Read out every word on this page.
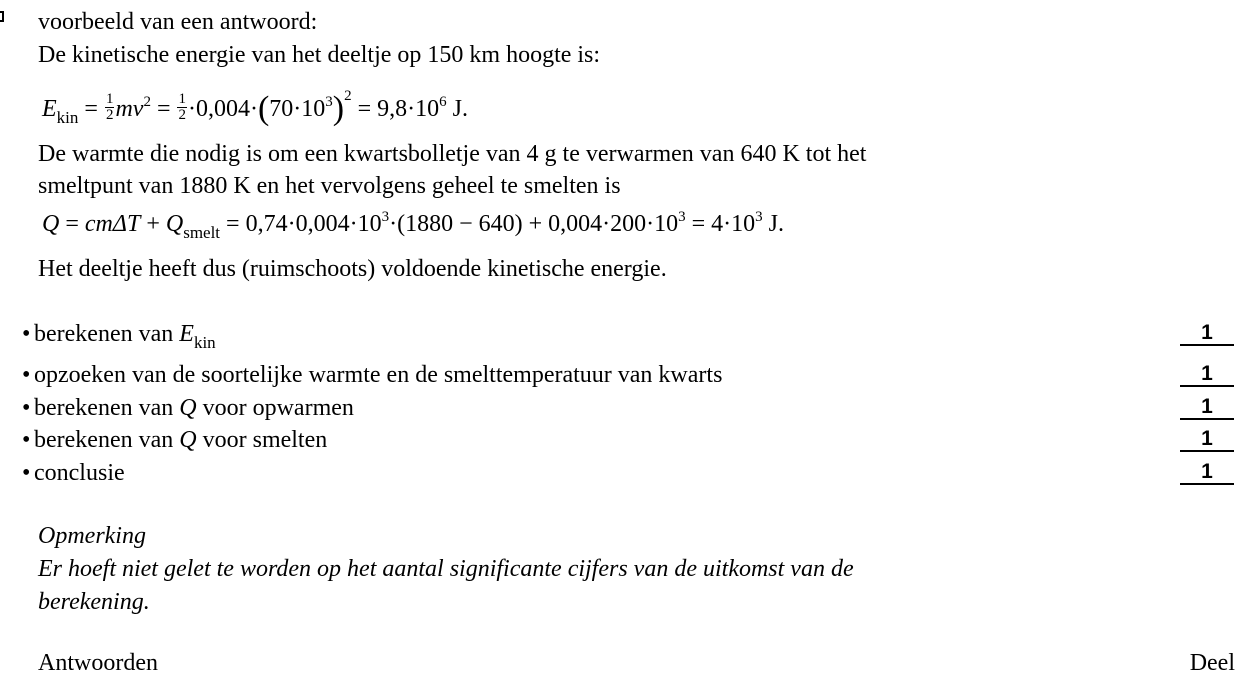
voorbeeld van een antwoord:
De kinetische energie van het deeltje op 150 km hoogte is:
$E_{kin} = \frac{1}{2} mv^2 = \frac{1}{2} \cdot 0,004\cdot(70\cdot 10^3)^2 = 9,8\cdot 10^6$ J.
De warmte die nodig is om een kwartsbolletje van 4 g te verwarmen van 640 K tot het
smeltpunt van 1880 K en het vervolgens geheel te smelten is
$Q = cm\Delta T + Q_{smelt} = 0,74\cdot 0,004\cdot 10^3\cdot(1880 - 640) + 0,004\cdot 200\cdot 10^3 = 4\cdot 10^3$ J.
Het deeltje heeft dus (ruimschoots) voldoende kinetische energie.
• berekenen van $E_{kin}$	1
• opzoeken van de soortelijke warmte en de smelttemperatuur van kwarts	1
• berekenen van Q voor opwarmen	1
• berekenen van Q voor smelten	1
• conclusie	1
Opmerking
Er hoeft niet gelet te worden op het aantal significante cijfers van de uitkomst van de
berekening.
Antwoorden	Deel
